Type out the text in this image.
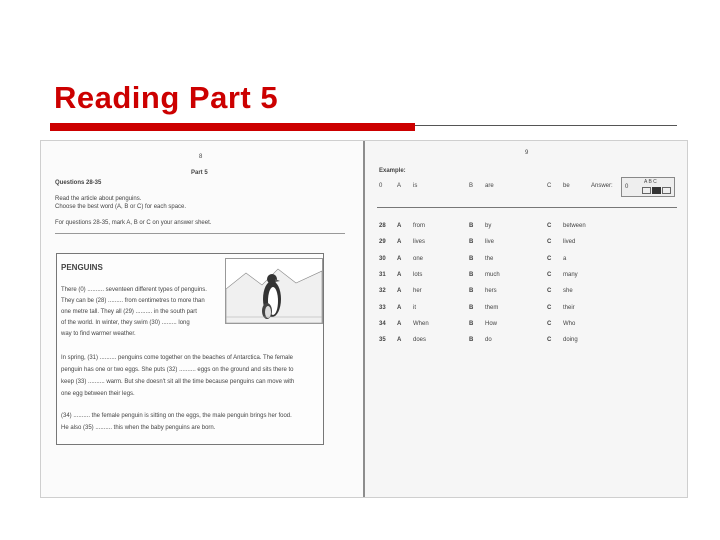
Reading Part 5
8
Part 5
Questions 28-35
Read the article about penguins.
Choose the best word (A, B or C) for each space.
For questions 28-35, mark A, B or C on your answer sheet.
PENGUINS

There (0) .......... seventeen different types of penguins.

They can be (28) ......... from centimetres to more than

one metre tall. They all (29) .......... in the south part

of the world. In winter, they swim (30) ......... long

way to find warmer weather.

In spring, (31) .......... penguins come together on the beaches of Antarctica. The female

penguin has one or two eggs. She puts (32) .......... eggs on the ground and sits there to

keep (33) .......... warm. But she doesn't sit all the time because penguins can move with

one egg between their legs.

(34) .......... the female penguin is sitting on the eggs, the male penguin brings her food.

He also (35) .......... this when the baby penguins are born.

9
Example:
0 A is	B are	C be	Answer: 0
A B C
28 A from	B by	C between
29 A lives	B live	C lived
30 A one	B the	C a
31 A lots	B much	C many
32 A her	B hers	C she
33 A it	B them	C their
34 A When	B How	C Who
35 A does	B do	C doing
